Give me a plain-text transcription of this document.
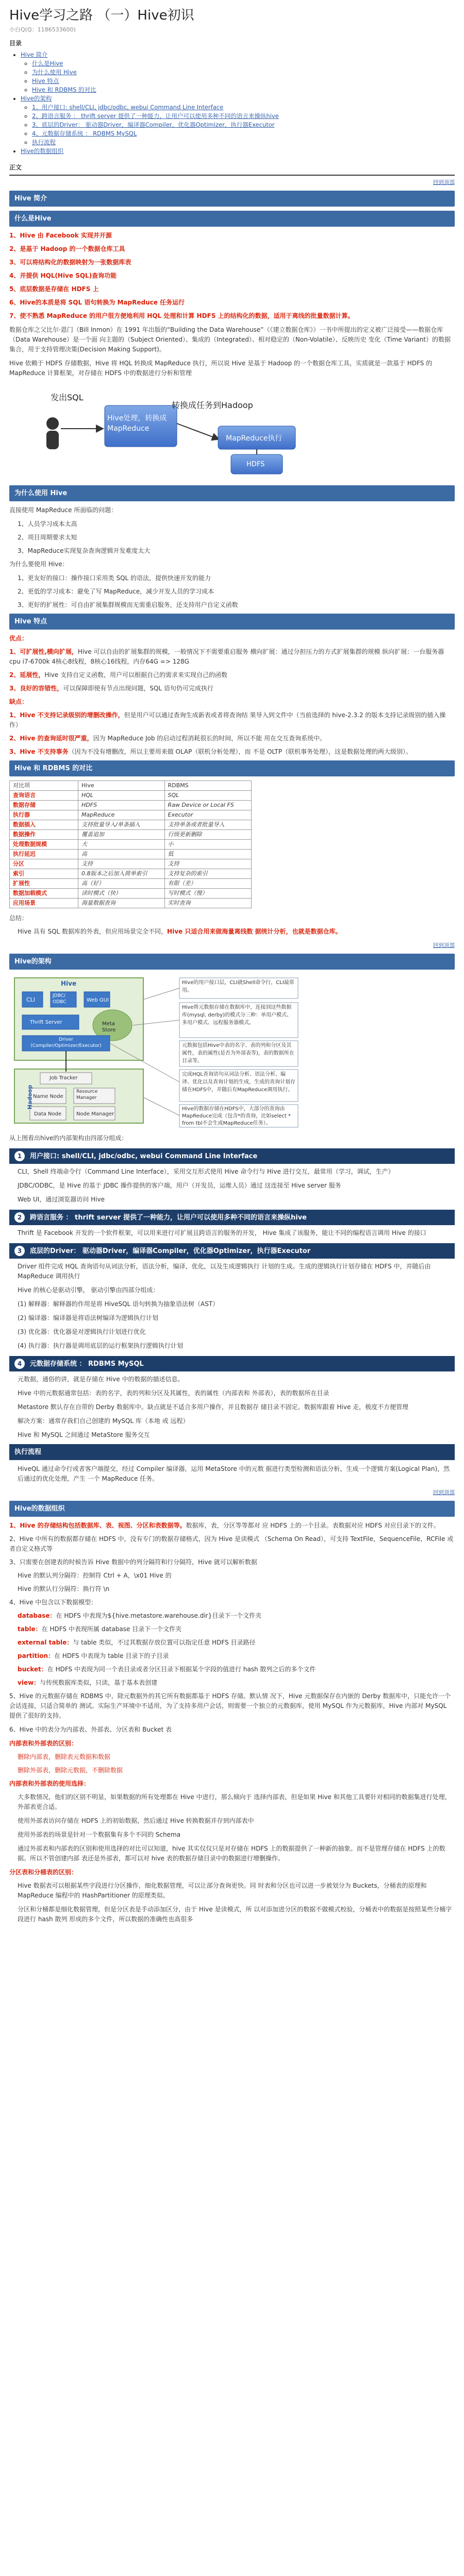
Hive学习之路 （一）Hive初识
小白Q(Q：1186533600)
目录
• Hive 简介
◦ 什么是Hive
◦ 为什么使用 Hive
◦ Hive 特点
◦ Hive 和 RDBMS 的对比
• Hive的架构
◦ 1、用户接口: shell/CLI, jdbc/odbc, webui Command Line Interface
◦ 2、跨语言服务 ： thrift server 提供了一种能力，让用户可以使用多种不同的语言来操纵hive
◦ 3、底层的Driver： 驱动器Driver，编译器Compiler，优化器Optimizer，执行器Executor
◦ 4、元数据存储系统 ： RDBMS MySQL
◦ 执行流程
• Hive的数据组织
正文
回到顶部
Hive 简介
什么是Hive
1、Hive 由 Facebook 实现并开源
2、是基于 Hadoop 的一个数据仓库工具
3、可以将结构化的数据映射为一张数据库表
4、并提供 HQL(Hive SQL)查询功能
5、底层数据是存储在 HDFS 上
6、Hive的本质是将 SQL 语句转换为 MapReduce 任务运行
7、使不熟悉 MapReduce 的用户很方便地利用 HQL 处理和计算 HDFS 上的结构化的数据，适用于离线的批量数据计算。
数据仓库之父比尔·恩门（Bill Inmon）在 1991 年出版的“Building the Data Warehouse”（《建立数据仓库》）一书中所提出的定义被广泛接受——数据仓库（Data Warehouse）是一个面 向主题的（Subject Oriented）、集成的（Integrated）、相对稳定的（Non-Volatile）、反映历史 变化（Time Variant）的数据集合，用于支持管理决策(Decision Making Support)。
Hive 依赖于 HDFS 存储数据，Hive 将 HQL 转换成 MapReduce 执行，所以说 Hive 是基于 Hadoop 的一个数据仓库工具，实质就是一款基于 HDFS 的 MapReduce 计算框架，对存储在 HDFS 中的数据进行分析和管理
发出SQL
转换成任务到Hadoop
Hive处理，转换成MapReduce
MapReduce执行
HDFS
为什么使用 Hive
直接使用 MapReduce 所面临的问题：
1、人员学习成本太高
2、项目周期要求太短
3、MapReduce实现复杂查询逻辑开发难度太大
为什么要使用 Hive：
1、更友好的接口：操作接口采用类 SQL 的语法，提供快速开发的能力
2、更低的学习成本：避免了写 MapReduce，减少开发人员的学习成本
3、更好的扩展性：可自由扩展集群规模而无需重启服务，还支持用户自定义函数
Hive 特点
优点：
1、可扩展性,横向扩展，Hive 可以自由的扩展集群的规模，一般情况下不需要重启服务 横向扩展：通过分担压力的方式扩展集群的规模 纵向扩展：一台服务器cpu i7-6700k 4核心8线程，8核心16线程，内存64G => 128G
2、延展性，Hive 支持自定义函数，用户可以根据自己的需求来实现自己的函数
3、良好的容错性，可以保障即使有节点出现问题，SQL 语句仍可完成执行
缺点：
1、Hive 不支持记录级别的增删改操作，但是用户可以通过查询生成新表或者将查询结 果导入到文件中（当前选择的 hive-2.3.2 的版本支持记录级别的插入操作）
2、Hive 的查询延时很严重，因为 MapReduce Job 的启动过程消耗很长的时间，所以不能 用在交互查询系统中。
3、Hive 不支持事务（因为不没有增删改，所以主要用来做 OLAP（联机分析处理），而 不是 OLTP（联机事务处理），这是数据处理的两大级别）。
Hive 和 RDBMS 的对比
对比项	Hive	RDBMS
查询语言	HQL	SQL
数据存储	HDFS	Raw Device or Local FS
执行器	MapReduce	Executor
数据插入	支持批量导入/单条插入	支持单条或者批量导入
数据操作	覆盖追加	行级更新删除
处理数据规模	大	小
执行延迟	高	低
分区	支持	支持
索引	0.8版本之后加入简单索引	支持复杂的索引
扩展性	高（好）	有限（差）
数据加载模式	读时模式（快）	写时模式（慢）
应用场景	海量数据查询	实时查询
总结：
Hive 具有 SQL 数据库的外表，但应用场景完全不同，Hive 只适合用来做海量离线数 据统计分析，也就是数据仓库。
回到顶部
Hive的架构
Hive
CLI
JDBC/ ODBC	Web GUI
Thrift Server	Meta Store
Driver (Compiler/Optimizer/Executor)
Hadoop
Job Tracker
Name Node
Resource Manager
Data Node	Node Manager
Hive的用户接口层，CLI就Shell命令行，CLI最常用。
Hive将元数据存储在数据库中，连接到这些数据库(mysql, derby)的模式分三种：单用户模式、多用户模式、远程服务器模式。
元数据包括Hive中表的名字、表的列和分区及其属性，表的属性(是否为外部表等)，表的数据所在目录等。
完成HQL查询语句从词法分析、语法分析、编译、优化以及查询计划的生成，生成的查询计划存储在HDFS中，并随后有MapReduce调用执行。
Hive的数据存储在HDFS中，大部分的查询由MapReduce完成（包含*的查询，比如select * from tbl不会生成MapReduce任务）。
从上图看出hive的内部架构由四部分组成：
1	用户接口: shell/CLI, jdbc/odbc, webui Command Line Interface
CLI，Shell 终端命令行（Command Line Interface），采用交互形式使用 Hive 命令行与 Hive 进行交互，最常用（学习，调试，生产）
JDBC/ODBC，是 Hive 的基于 JDBC 操作提供的客户端，用户（开发员，运维人员）通过 这连接至 Hive server 服务
Web UI，通过浏览器访问 Hive
2	跨语言服务 ： thrift server 提供了一种能力，让用户可以使用多种不同的语言来操纵hive
Thrift 是 Facebook 开发的一个软件框架，可以用来进行可扩展且跨语言的服务的开发， Hive 集成了该服务，能让不同的编程语言调用 Hive 的接口
3	底层的Driver： 驱动器Driver，编译器Compiler，优化器Optimizer，执行器Executor
Driver 组件完成 HQL 查询语句从词法分析，语法分析，编译，优化，以及生成逻辑执行 计划的生成。生成的逻辑执行计划存储在 HDFS 中，并随后由 MapReduce 调用执行
Hive 的核心是驱动引擎， 驱动引擎由四部分组成：
(1) 解释器：解释器的作用是将 HiveSQL 语句转换为抽象语法树（AST）
(2) 编译器：编译器是将语法树编译为逻辑执行计划
(3) 优化器：优化器是对逻辑执行计划进行优化
(4) 执行器：执行器是调用底层的运行框架执行逻辑执行计划
4	元数据存储系统 ： RDBMS MySQL
元数据，通俗的讲，就是存储在 Hive 中的数据的描述信息。
Hive 中的元数据通常包括：表的名字，表的列和分区及其属性，表的属性（内部表和 外部表），表的数据所在目录
Metastore 默认存在自带的 Derby 数据库中。缺点就是不适合多用户操作，并且数据存 储目录不固定。数据库跟着 Hive 走，极度不方便管理
解决方案：通常存我们自己创建的 MySQL 库（本地 或 远程）
Hive 和 MySQL 之间通过 MetaStore 服务交互
执行流程
HiveQL 通过命令行或者客户端提交，经过 Compiler 编译器，运用 MetaStore 中的元数 据进行类型检测和语法分析，生成一个逻辑方案(Logical Plan)，然后通过的优化处理，产生 一个 MapReduce 任务。
回到顶部
Hive的数据组织
1、Hive 的存储结构包括数据库、表、视图、分区和表数据等。数据库，表，分区等等都对 应 HDFS 上的一个目录。表数据对应 HDFS 对应目录下的文件。
2、Hive 中所有的数据都存储在 HDFS 中，没有专门的数据存储格式，因为 Hive 是读模式 （Schema On Read），可支持 TextFile，SequenceFile，RCFile 或者自定义格式等
3、只需要在创建表的时候告诉 Hive 数据中的列分隔符和行分隔符，Hive 就可以解析数据
Hive 的默认列分隔符：控制符 Ctrl + A，\x01 Hive 的
Hive 的默认行分隔符：换行符 \n
4、Hive 中包含以下数据模型：
database：在 HDFS 中表现为${hive.metastore.warehouse.dir}目录下一个文件夹
table：在 HDFS 中表现所属 database 目录下一个文件夹
external table：与 table 类似，不过其数据存放位置可以指定任意 HDFS 目录路径
partition：在 HDFS 中表现为 table 目录下的子目录
bucket：在 HDFS 中表现为同一个表目录或者分区目录下根据某个字段的值进行 hash 散列之后的多个文件
view：与传统数据库类似，只读，基于基本表创建
5、Hive 的元数据存储在 RDBMS 中，除元数据外的其它所有数据都基于 HDFS 存储。默认情 况下，Hive 元数据保存在内嵌的 Derby 数据库中，只能允许一个会话连接，只适合简单的 测试。实际生产环境中不适用，为了支持多用户会话，则需要一个独立的元数据库，使用 MySQL 作为元数据库，Hive 内部对 MySQL 提供了很好的支持。
6、Hive 中的表分为内部表、外部表、分区表和 Bucket 表
内部表和外部表的区别：
删除内部表，删除表元数据和数据
删除外部表，删除元数据，不删除数据
内部表和外部表的使用选择：
大多数情况，他们的区别不明显，如果数据的所有处理都在 Hive 中进行，那么倾向于 选择内部表，但是如果 Hive 和其他工具要针对相同的数据集进行处理，外部表更合适。
使用外部表访问存储在 HDFS 上的初始数据，然后通过 Hive 转换数据并存到内部表中
使用外部表的场景是针对一个数据集有多个不同的 Schema
通过外部表和内部表的区别和使用选择的对比可以知道，hive 其实仅仅只是对存储在 HDFS 上的数据提供了一种新的抽象。而不是管理存储在 HDFS 上的数据。所以不管创建内部 表还是外部表，都可以对 hive 表的数据存储目录中的数据进行增删操作。
分区表和分桶表的区别：
Hive 数据表可以根据某些字段进行分区操作，细化数据管理，可以让部分查询更快。同 时表和分区也可以进一步被划分为 Buckets，分桶表的原理和 MapReduce 编程中的 HashPartitioner 的原理类似。
分区和分桶都是细化数据管理，但是分区表是手动添加区分，由于 Hive 是读模式，所 以对添加进分区的数据不做模式校验，分桶表中的数据是按照某些分桶字段进行 hash 散列 形成的多个文件，所以数据的准确性也高很多
